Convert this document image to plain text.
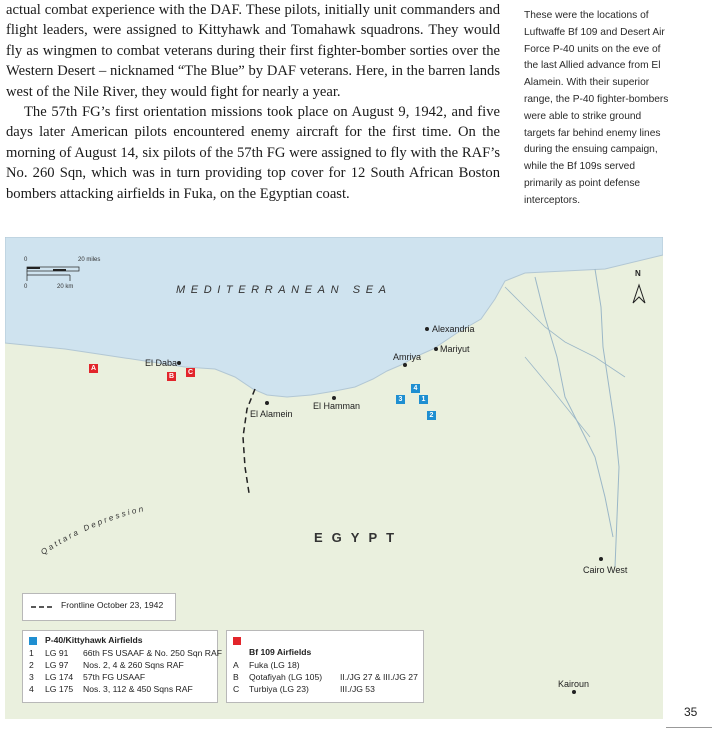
actual combat experience with the DAF. These pilots, initially unit commanders and flight leaders, were assigned to Kittyhawk and Tomahawk squadrons. They would fly as wingmen to combat veterans during their first fighter-bomber sorties over the Western Desert – nicknamed “The Blue” by DAF veterans. Here, in the barren lands west of the Nile River, they would fight for nearly a year.

The 57th FG’s first orientation missions took place on August 9, 1942, and five days later American pilots encountered enemy aircraft for the first time. On the morning of August 14, six pilots of the 57th FG were assigned to fly with the RAF’s No. 260 Sqn, which was in turn providing top cover for 12 South African Boston bombers attacking airfields in Fuka, on the Egyptian coast.

These were the locations of Luftwaffe Bf 109 and Desert Air Force P-40 units on the eve of the last Allied advance from El Alamein. With their superior range, the P-40 fighter-bombers were able to strike ground targets far behind enemy lines during the ensuing campaign, while the Bf 109s served primarily as point defense interceptors.
Qattara Depression
0	20 miles
0	20 km
N
MEDITERRANEAN SEA
EGYPT
Alexandria
Mariyut
Amriya
El Daba
El Alamein
El Hamman
Cairo West
Kairoun
A
B
C
4
3	1
2
Frontline October 23, 1942
P-40/Kittyhawk Airfields
1 LG 91 66th FS USAAF & No. 250 Sqn RAF
2 LG 97 Nos. 2, 4 & 260 Sqns RAF
3 LG 174 57th FG USAAF
4 LG 175 Nos. 3, 112 & 450 Sqns RAF
Bf 109 Airfields
A Fuka (LG 18)
B Qotafiyah (LG 105) II./JG 27 & III./JG 27
C Turbiya (LG 23)	III./JG 53
35
